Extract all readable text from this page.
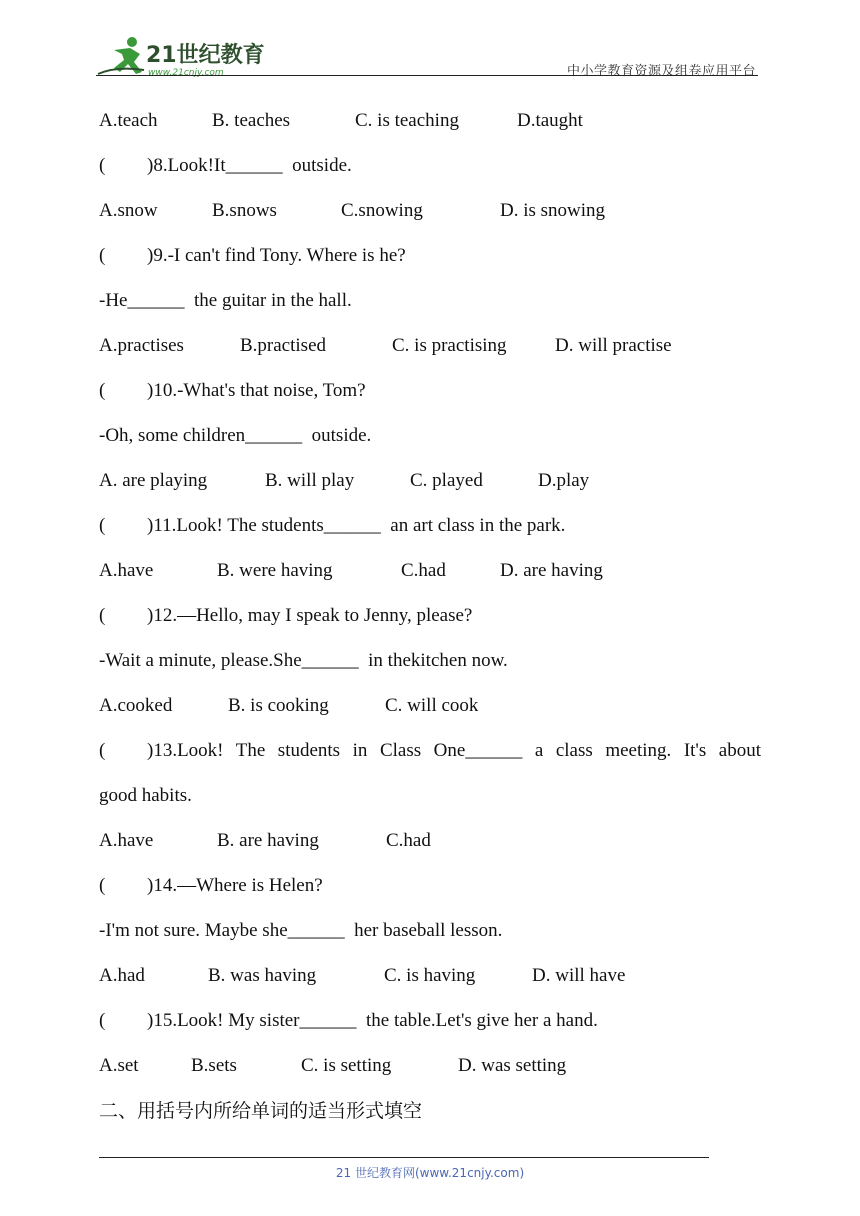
21世纪教育
www.21cnjy.com	中小学教育资源及组卷应用平台
A.teach	B. teaches	C. is teaching	D.taught
( )8.Look!It______  outside.
A.snow	B.snows	C.snowing	D. is snowing
( )9.-I can't find Tony. Where is he?
-He______  the guitar in the hall.
A.practises	B.practised	C. is practising	D. will practise
( )10.-What's that noise, Tom?
-Oh, some children______  outside.
A. are playing	B. will play	C. played	D.play
( )11.Look! The students______  an art class in the park.
A.have	B. were having	C.had	D. are having
( )12.—Hello, may I speak to Jenny, please?
-Wait a minute, please.She______  in thekitchen now.
A.cooked	B. is cooking	C. will cook
( )13.Look! The students in Class One______ a class meeting. It's about
good habits.
A.have	B. are having	C.had
( )14.—Where is Helen?
-I'm not sure. Maybe she______  her baseball lesson.
A.had	B. was having	C. is having	D. will have
( )15.Look! My sister______  the table.Let's give her a hand.
A.set	B.sets	C. is setting	D. was setting
二、用括号内所给单词的适当形式填空
21 世纪教育网(www.21cnjy.com)
